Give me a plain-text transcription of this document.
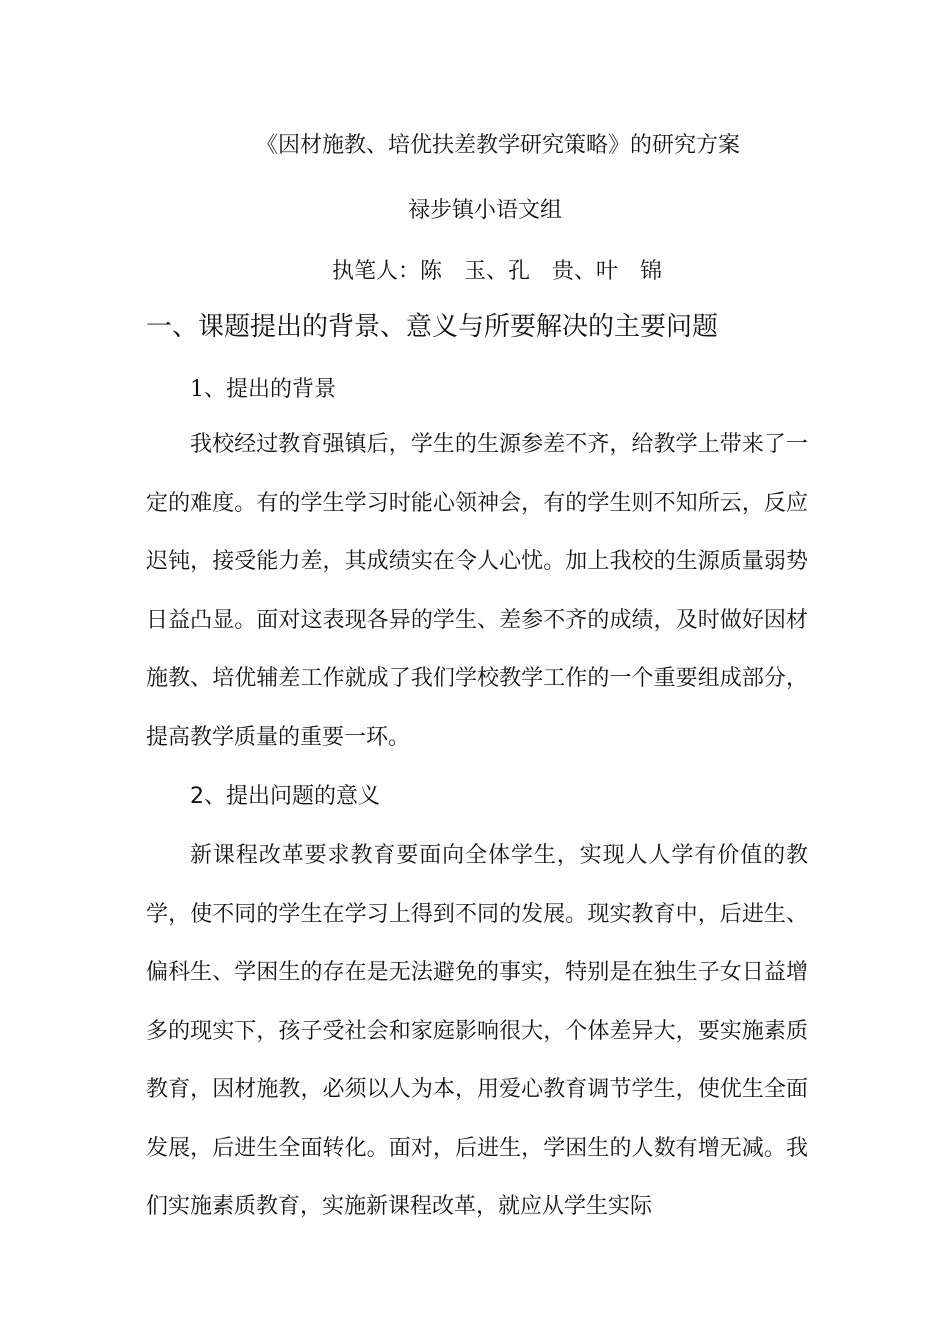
《因材施教、培优扶差教学研究策略》的研究方案

禄步镇小语文组

执笔人：陈　玉、孔　贵、叶　锦

一、课题提出的背景、意义与所要解决的主要问题

1、提出的背景

我校经过教育强镇后，学生的生源参差不齐，给教学上带来了一定的难度。有的学生学习时能心领神会，有的学生则不知所云，反应迟钝，接受能力差，其成绩实在令人心忧。加上我校的生源质量弱势日益凸显。面对这表现各异的学生、差参不齐的成绩，及时做好因材施教、培优辅差工作就成了我们学校教学工作的一个重要组成部分，提高教学质量的重要一环。

2、提出问题的意义

新课程改革要求教育要面向全体学生，实现人人学有价值的教学，使不同的学生在学习上得到不同的发展。现实教育中，后进生、偏科生、学困生的存在是无法避免的事实，特别是在独生子女日益增多的现实下，孩子受社会和家庭影响很大，个体差异大，要实施素质教育，因材施教，必须以人为本，用爱心教育调节学生，使优生全面发展，后进生全面转化。面对，后进生，学困生的人数有增无减。我们实施素质教育，实施新课程改革，就应从学生实际
